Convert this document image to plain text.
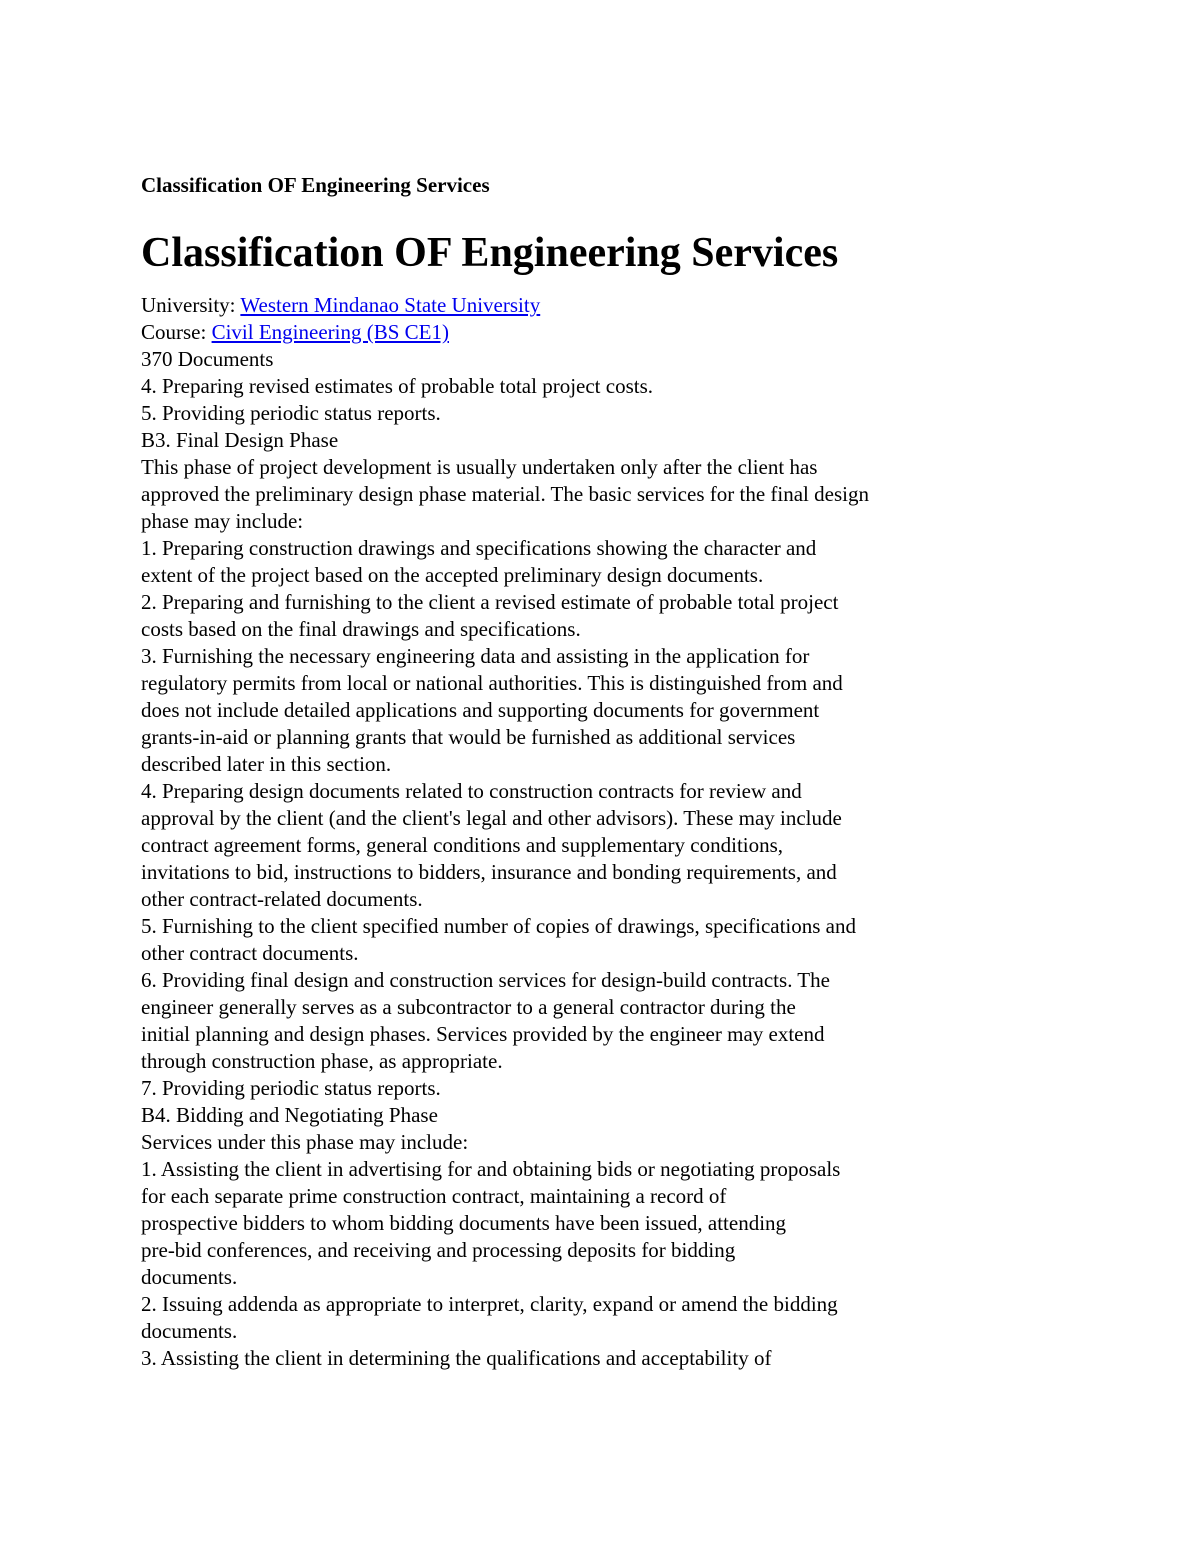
Classification OF Engineering Services
Classification OF Engineering Services
University: Western Mindanao State University
Course: Civil Engineering (BS CE1)
370 Documents
4. Preparing revised estimates of probable total project costs.
5. Providing periodic status reports.
B3. Final Design Phase
This phase of project development is usually undertaken only after the client has
approved the preliminary design phase material. The basic services for the final design
phase may include:
1. Preparing construction drawings and specifications showing the character and
extent of the project based on the accepted preliminary design documents.
2. Preparing and furnishing to the client a revised estimate of probable total project
costs based on the final drawings and specifications.
3. Furnishing the necessary engineering data and assisting in the application for
regulatory permits from local or national authorities. This is distinguished from and
does not include detailed applications and supporting documents for government
grants-in-aid or planning grants that would be furnished as additional services
described later in this section.
4. Preparing design documents related to construction contracts for review and
approval by the client (and the client's legal and other advisors). These may include
contract agreement forms, general conditions and supplementary conditions,
invitations to bid, instructions to bidders, insurance and bonding requirements, and
other contract-related documents.
5. Furnishing to the client specified number of copies of drawings, specifications and
other contract documents.
6. Providing final design and construction services for design-build contracts. The
engineer generally serves as a subcontractor to a general contractor during the
initial planning and design phases. Services provided by the engineer may extend
through construction phase, as appropriate.
7. Providing periodic status reports.
B4. Bidding and Negotiating Phase
Services under this phase may include:
1. Assisting the client in advertising for and obtaining bids or negotiating proposals
for each separate prime construction contract, maintaining a record of
prospective bidders to whom bidding documents have been issued, attending
pre-bid conferences, and receiving and processing deposits for bidding
documents.
2. Issuing addenda as appropriate to interpret, clarity, expand or amend the bidding
documents.
3. Assisting the client in determining the qualifications and acceptability of
